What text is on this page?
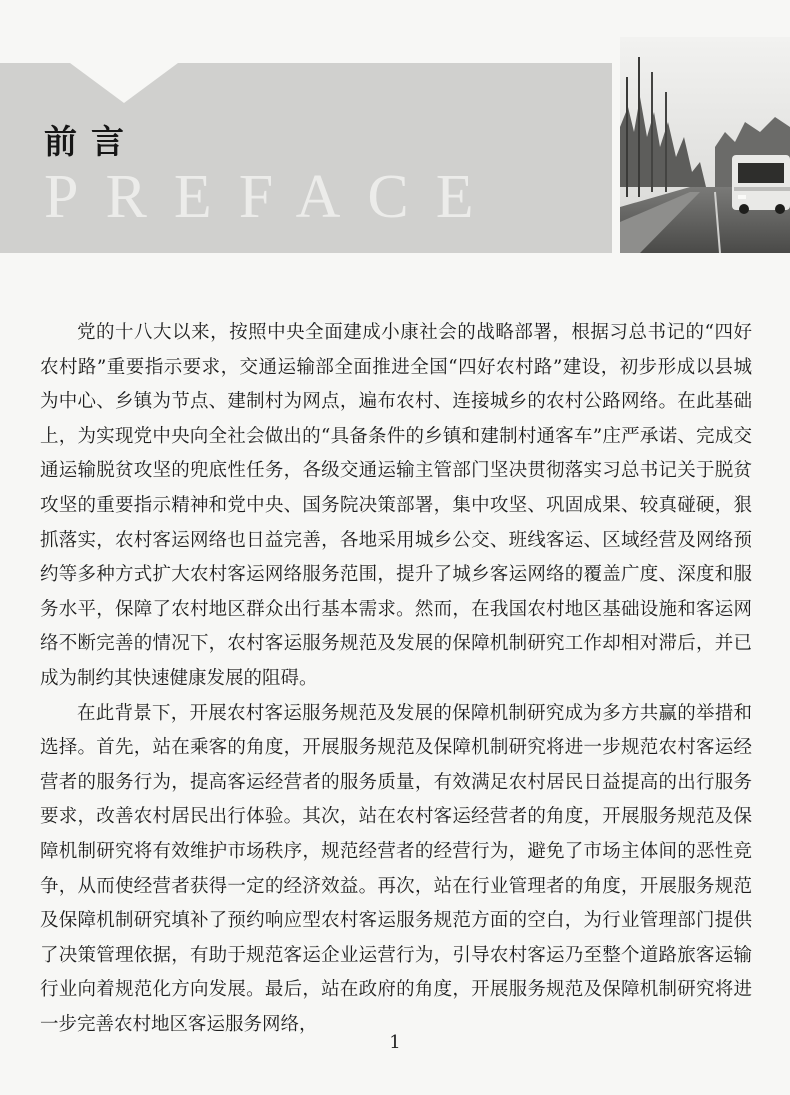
前言
PREFACE

党的十八大以来，按照中央全面建成小康社会的战略部署，根据习总书记的“四好农村路”重要指示要求，交通运输部全面推进全国“四好农村路”建设，初步形成以县城为中心、乡镇为节点、建制村为网点，遍布农村、连接城乡的农村公路网络。在此基础上，为实现党中央向全社会做出的“具备条件的乡镇和建制村通客车”庄严承诺、完成交通运输脱贫攻坚的兜底性任务，各级交通运输主管部门坚决贯彻落实习总书记关于脱贫攻坚的重要指示精神和党中央、国务院决策部署，集中攻坚、巩固成果、较真碰硬，狠抓落实，农村客运网络也日益完善，各地采用城乡公交、班线客运、区域经营及网络预约等多种方式扩大农村客运网络服务范围，提升了城乡客运网络的覆盖广度、深度和服务水平，保障了农村地区群众出行基本需求。然而，在我国农村地区基础设施和客运网络不断完善的情况下，农村客运服务规范及发展的保障机制研究工作却相对滞后，并已成为制约其快速健康发展的阻碍。

在此背景下，开展农村客运服务规范及发展的保障机制研究成为多方共赢的举措和选择。首先，站在乘客的角度，开展服务规范及保障机制研究将进一步规范农村客运经营者的服务行为，提高客运经营者的服务质量，有效满足农村居民日益提高的出行服务要求，改善农村居民出行体验。其次，站在农村客运经营者的角度，开展服务规范及保障机制研究将有效维护市场秩序，规范经营者的经营行为，避免了市场主体间的恶性竞争，从而使经营者获得一定的经济效益。再次，站在行业管理者的角度，开展服务规范及保障机制研究填补了预约响应型农村客运服务规范方面的空白，为行业管理部门提供了决策管理依据，有助于规范客运企业运营行为，引导农村客运乃至整个道路旅客运输行业向着规范化方向发展。最后，站在政府的角度，开展服务规范及保障机制研究将进一步完善农村地区客运服务网络，

1
